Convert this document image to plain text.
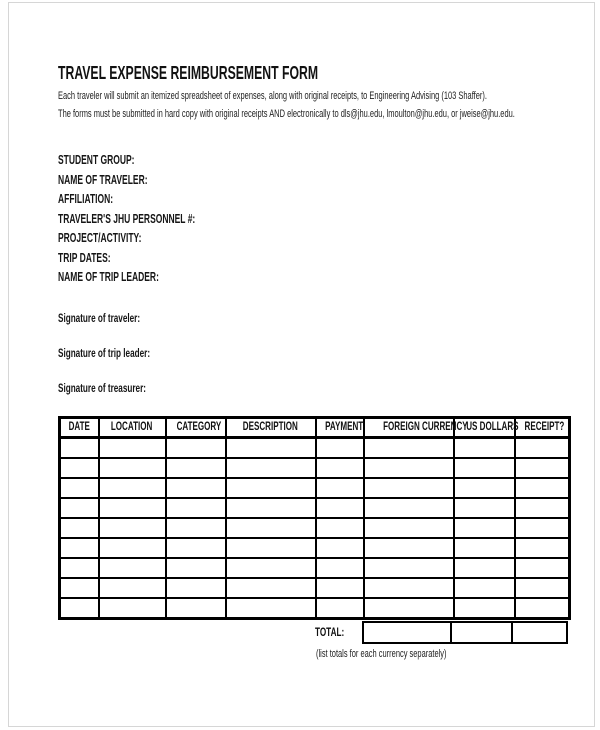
TRAVEL EXPENSE REIMBURSEMENT FORM
Each traveler will submit an itemized spreadsheet of expenses, along with original receipts, to Engineering Advising (103 Shaffer).
The forms must be submitted in hard copy with original receipts AND electronically to dls@jhu.edu, lmoulton@jhu.edu, or jweise@jhu.edu.
STUDENT GROUP:
NAME OF TRAVELER:
AFFILIATION:
TRAVELER'S JHU PERSONNEL #:
PROJECT/ACTIVITY:
TRIP DATES:
NAME OF TRIP LEADER:
Signature of traveler:
Signature of trip leader:
Signature of treasurer:
DATE	LOCATION	CATEGORY	DESCRIPTION	PAYMENT	FOREIGN CURRENCY	US DOLLARS	RECEIPT?

TOTAL:
(list totals for each currency separately)
